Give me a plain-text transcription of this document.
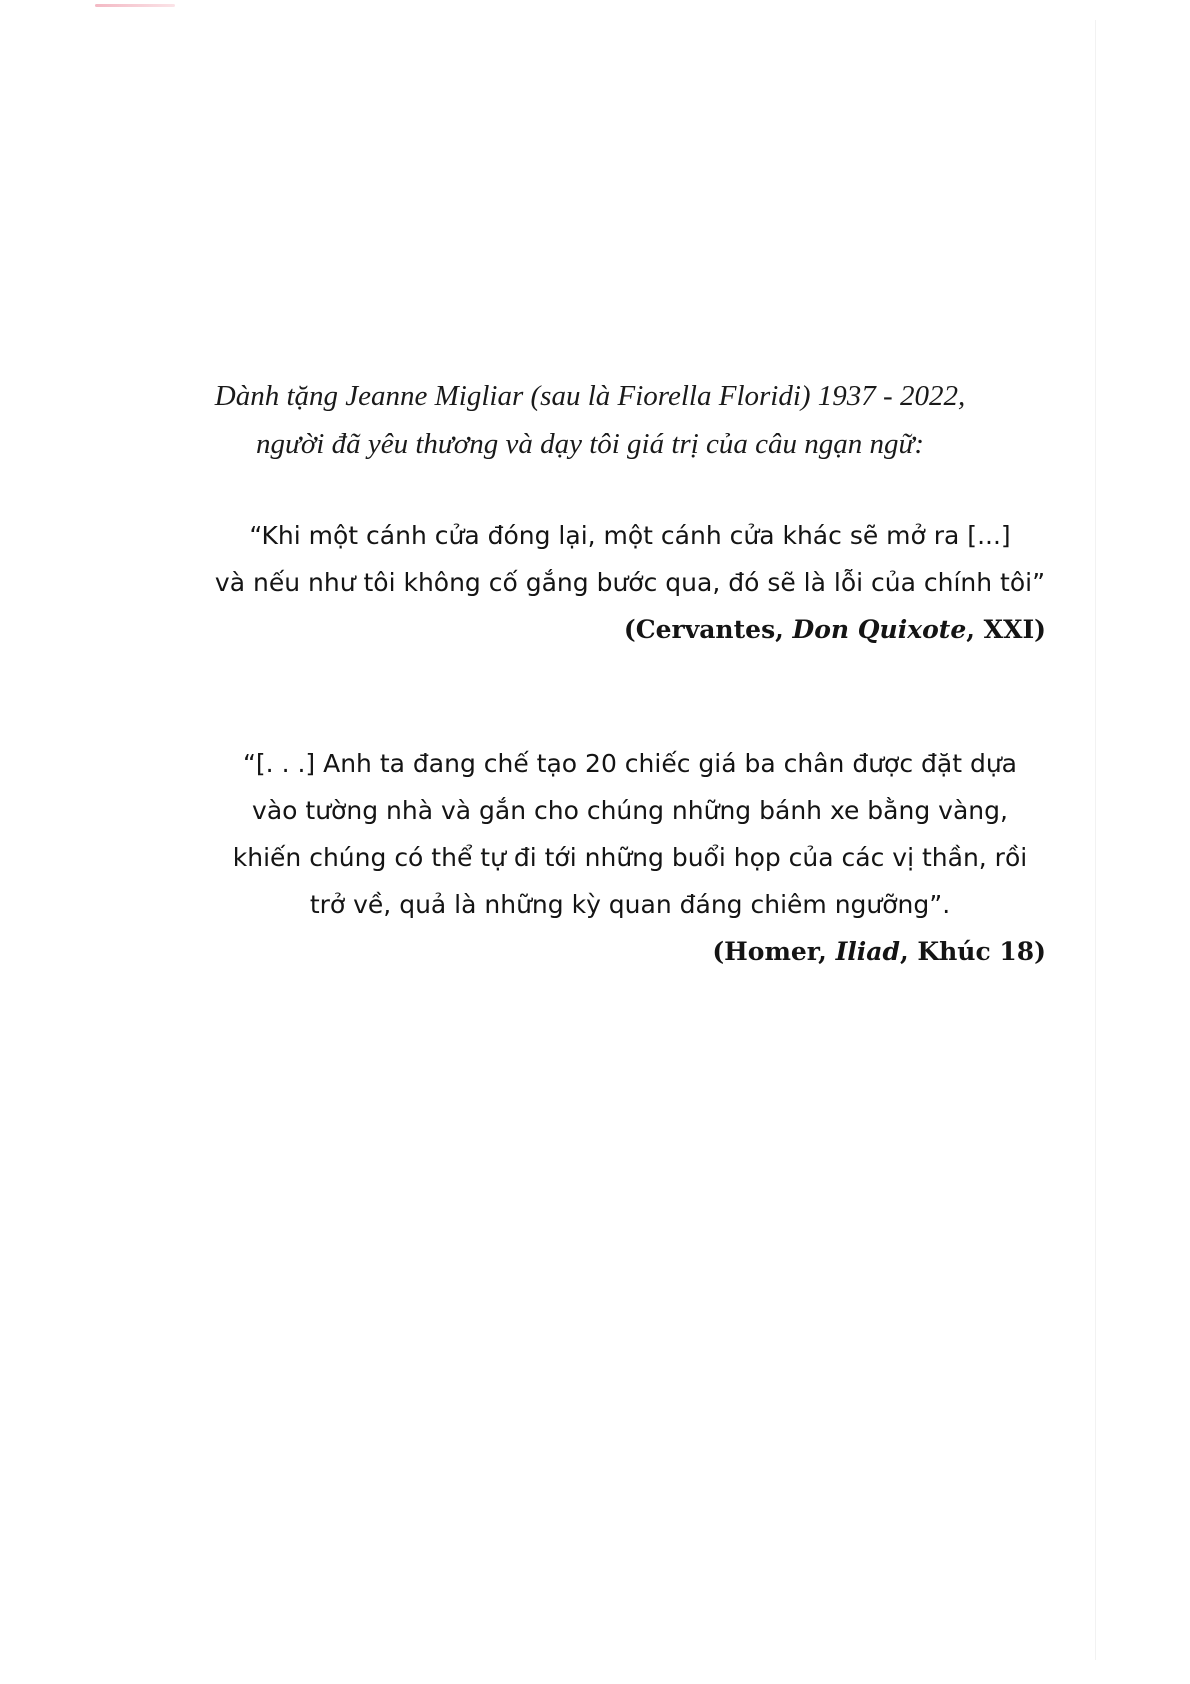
Dành tặng Jeanne Migliar (sau là Fiorella Floridi) 1937 - 2022,
người đã yêu thương và dạy tôi giá trị của câu ngạn ngữ:
“Khi một cánh cửa đóng lại, một cánh cửa khác sẽ mở ra [...]
và nếu như tôi không cố gắng bước qua, đó sẽ là lỗi của chính tôi”
(Cervantes, Don Quixote, XXI)
“[. . .] Anh ta đang chế tạo 20 chiếc giá ba chân được đặt dựa
vào tường nhà và gắn cho chúng những bánh xe bằng vàng,
khiến chúng có thể tự đi tới những buổi họp của các vị thần, rồi
trở về, quả là những kỳ quan đáng chiêm ngưỡng”.
(Homer, Iliad, Khúc 18)
